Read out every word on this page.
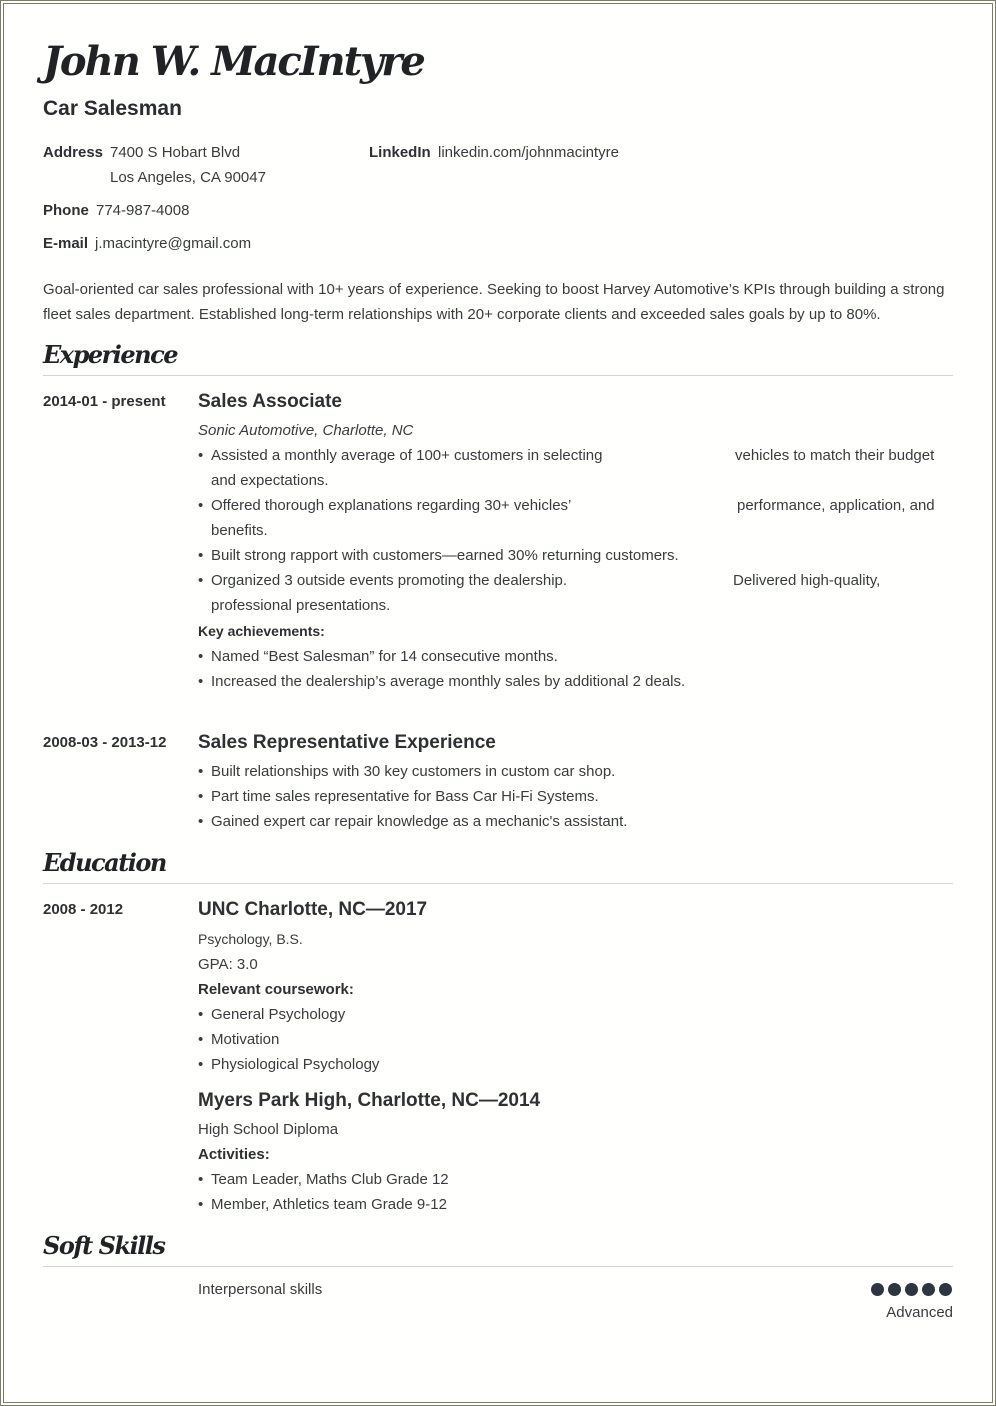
John W. MacIntyre
Car Salesman
Address 7400 S Hobart Blvd
Los Angeles, CA 90047
LinkedIn linkedin.com/johnmacintyre
Phone 774-987-4008
E-mail j.macintyre@gmail.com
Goal-oriented car sales professional with 10+ years of experience. Seeking to boost Harvey Automotive’s KPIs through building a strong fleet sales department. Established long-term relationships with 20+ corporate clients and exceeded sales goals by up to 80%.
Experience
2014-01 - present Sales Associate
Sonic Automotive, Charlotte, NC
• Assisted a monthly average of 100+ customers in selecting	vehicles to match their budget
and expectations.
• Offered thorough explanations regarding 30+ vehicles’	performance, application, and
benefits.
• Built strong rapport with customers—earned 30% returning customers.
• Organized 3 outside events promoting the dealership.	Delivered high-quality,
professional presentations.
Key achievements:
• Named “Best Salesman” for 14 consecutive months.
• Increased the dealership’s average monthly sales by additional 2 deals.
2008-03 - 2013-12 Sales Representative Experience
• Built relationships with 30 key customers in custom car shop.
• Part time sales representative for Bass Car Hi-Fi Systems.
• Gained expert car repair knowledge as a mechanic's assistant.
Education
2008 - 2012	UNC Charlotte, NC—2017
Psychology, B.S.
GPA: 3.0
Relevant coursework:
• General Psychology
• Motivation
• Physiological Psychology
Myers Park High, Charlotte, NC—2014
High School Diploma
Activities:
• Team Leader, Maths Club Grade 12
• Member, Athletics team Grade 9-12
Soft Skills
Interpersonal skills
Advanced
